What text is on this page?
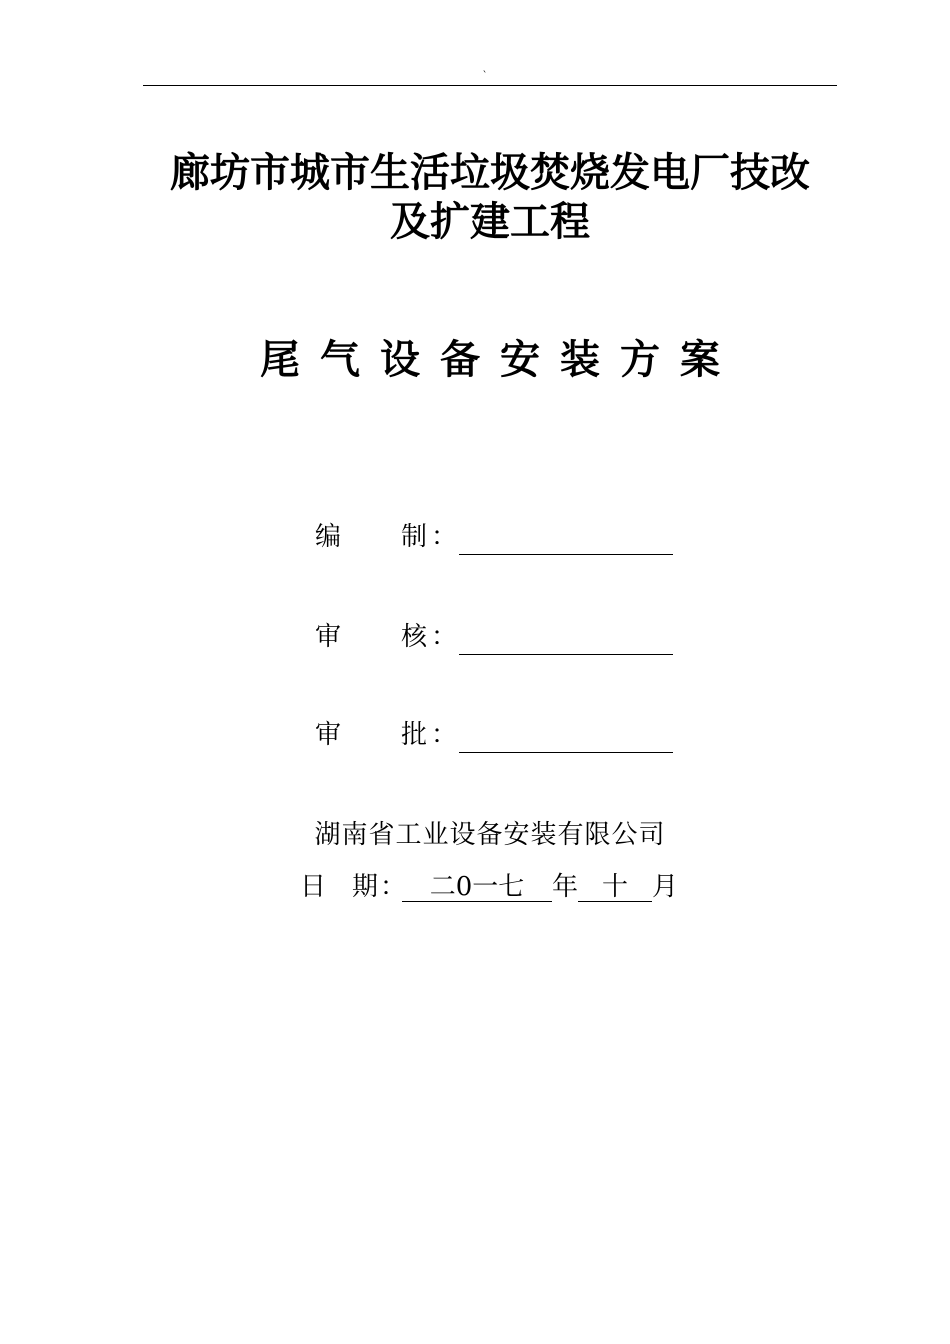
`
廊坊市城市生活垃圾焚烧发电厂技改
及扩建工程
尾气设备安装方案
编 制 ：
审 核 ：
审 批 ：
湖南省工业设备安装有限公司
日 期： 二0一七 年 十 月
